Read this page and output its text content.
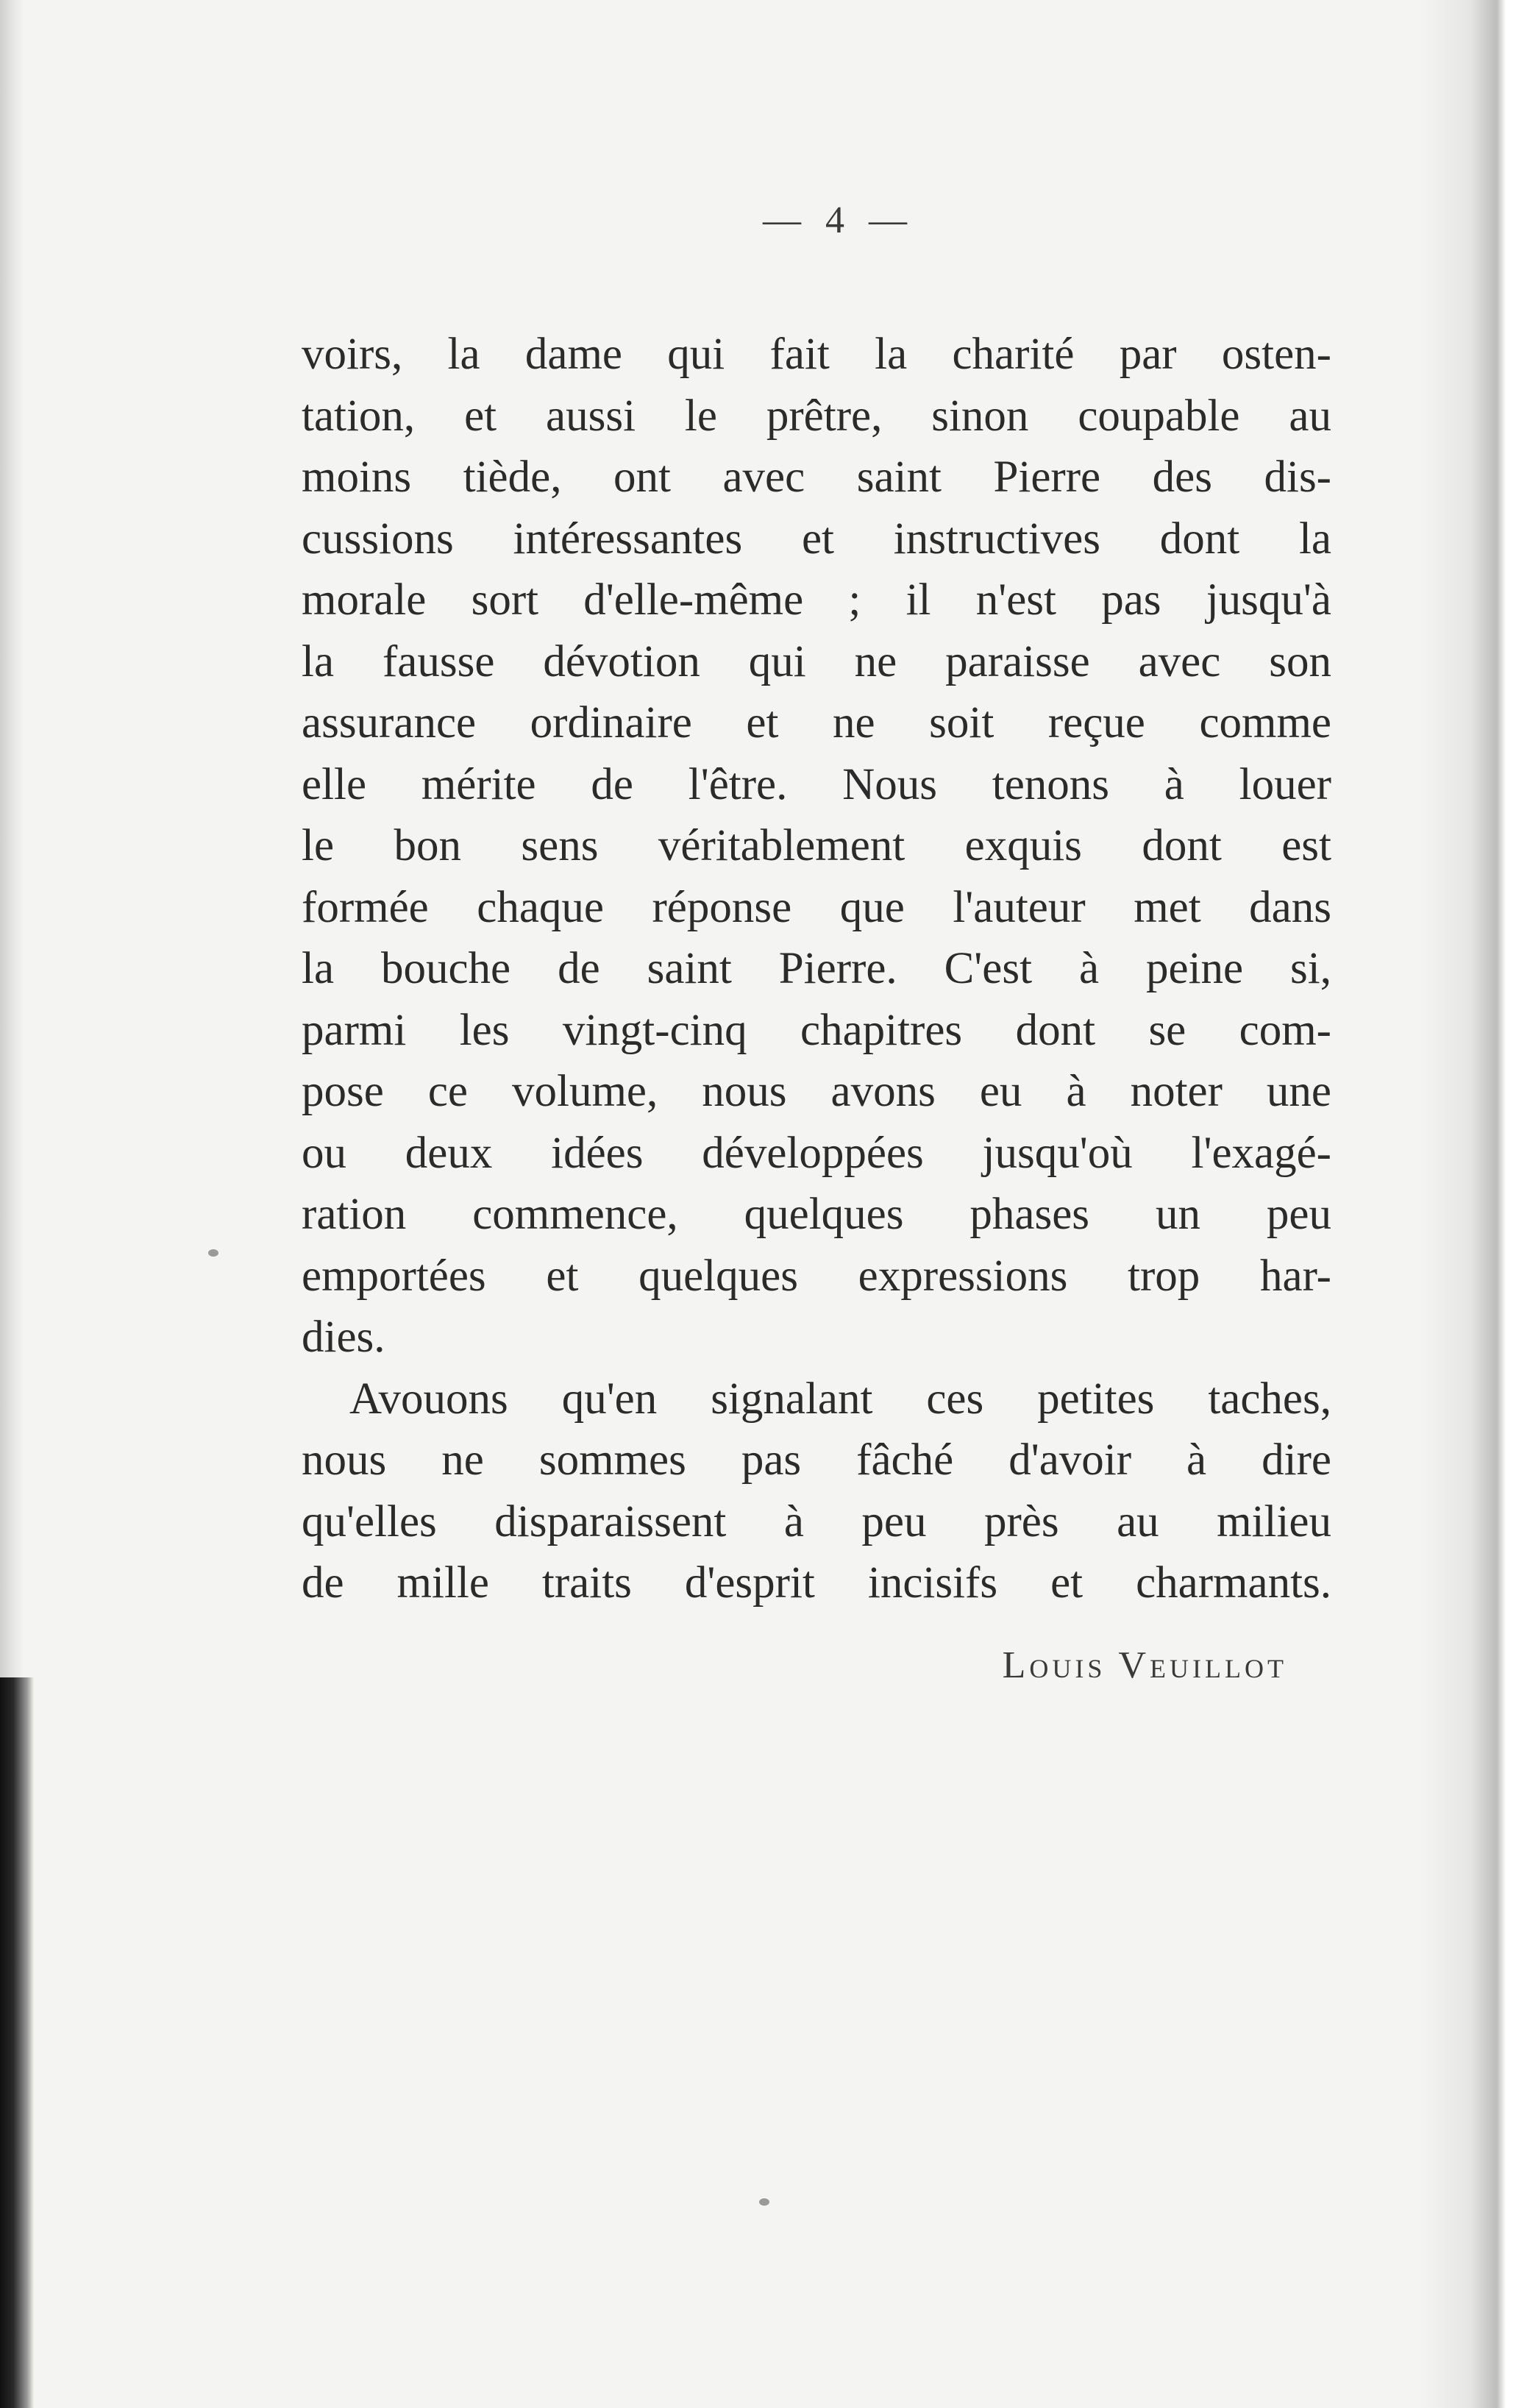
— 4 —

voirs, la dame qui fait la charité par osten-
tation, et aussi le prêtre, sinon coupable au
moins tiède, ont avec saint Pierre des dis-
cussions intéressantes et instructives dont la
morale sort d'elle-même ; il n'est pas jusqu'à
la fausse dévotion qui ne paraisse avec son
assurance ordinaire et ne soit reçue comme
elle mérite de l'être. Nous tenons à louer
le bon sens véritablement exquis dont est
formée chaque réponse que l'auteur met dans
la bouche de saint Pierre. C'est à peine si,
parmi les vingt-cinq chapitres dont se com-
pose ce volume, nous avons eu à noter une
ou deux idées développées jusqu'où l'exagé-
ration commence, quelques phases un peu
emportées et quelques expressions trop har-
dies.

Avouons qu'en signalant ces petites taches,
nous ne sommes pas fâché d'avoir à dire
qu'elles disparaissent à peu près au milieu
de mille traits d'esprit incisifs et charmants.

Louis Veuillot
